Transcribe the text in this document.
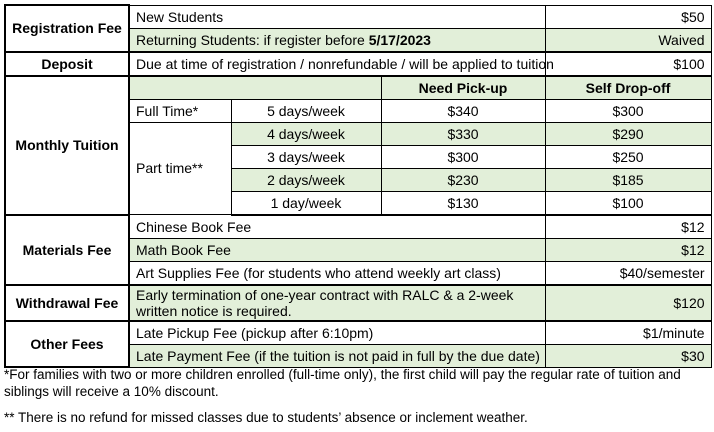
Registration Fee	New Students			$50
	Returning Students: if register before 5/17/2023			Waived
Deposit	Due at time of registration / nonrefundable / will be applied to tuition			$100
Monthly Tuition			Need Pick-up	Self Drop-off
	Full Time*	5 days/week	$340	$300
	Part time**	4 days/week	$330	$290
		3 days/week	$300	$250
		2 days/week	$230	$185
		1 day/week	$130	$100
Materials Fee	Chinese Book Fee			$12
	Math Book Fee			$12
	Art Supplies Fee (for students who attend weekly art class)			$40/semester
Withdrawal Fee	Early termination of one-year contract with RALC & a 2-week written notice is required.			$120
Other Fees	Late Pickup Fee (pickup after 6:10pm)			$1/minute
	Late Payment Fee (if the tuition is not paid in full by the due date)			$30

*For families with two or more children enrolled (full-time only), the first child will pay the regular rate of tuition and siblings will receive a 10% discount.

** There is no refund for missed classes due to students’ absence or inclement weather.
